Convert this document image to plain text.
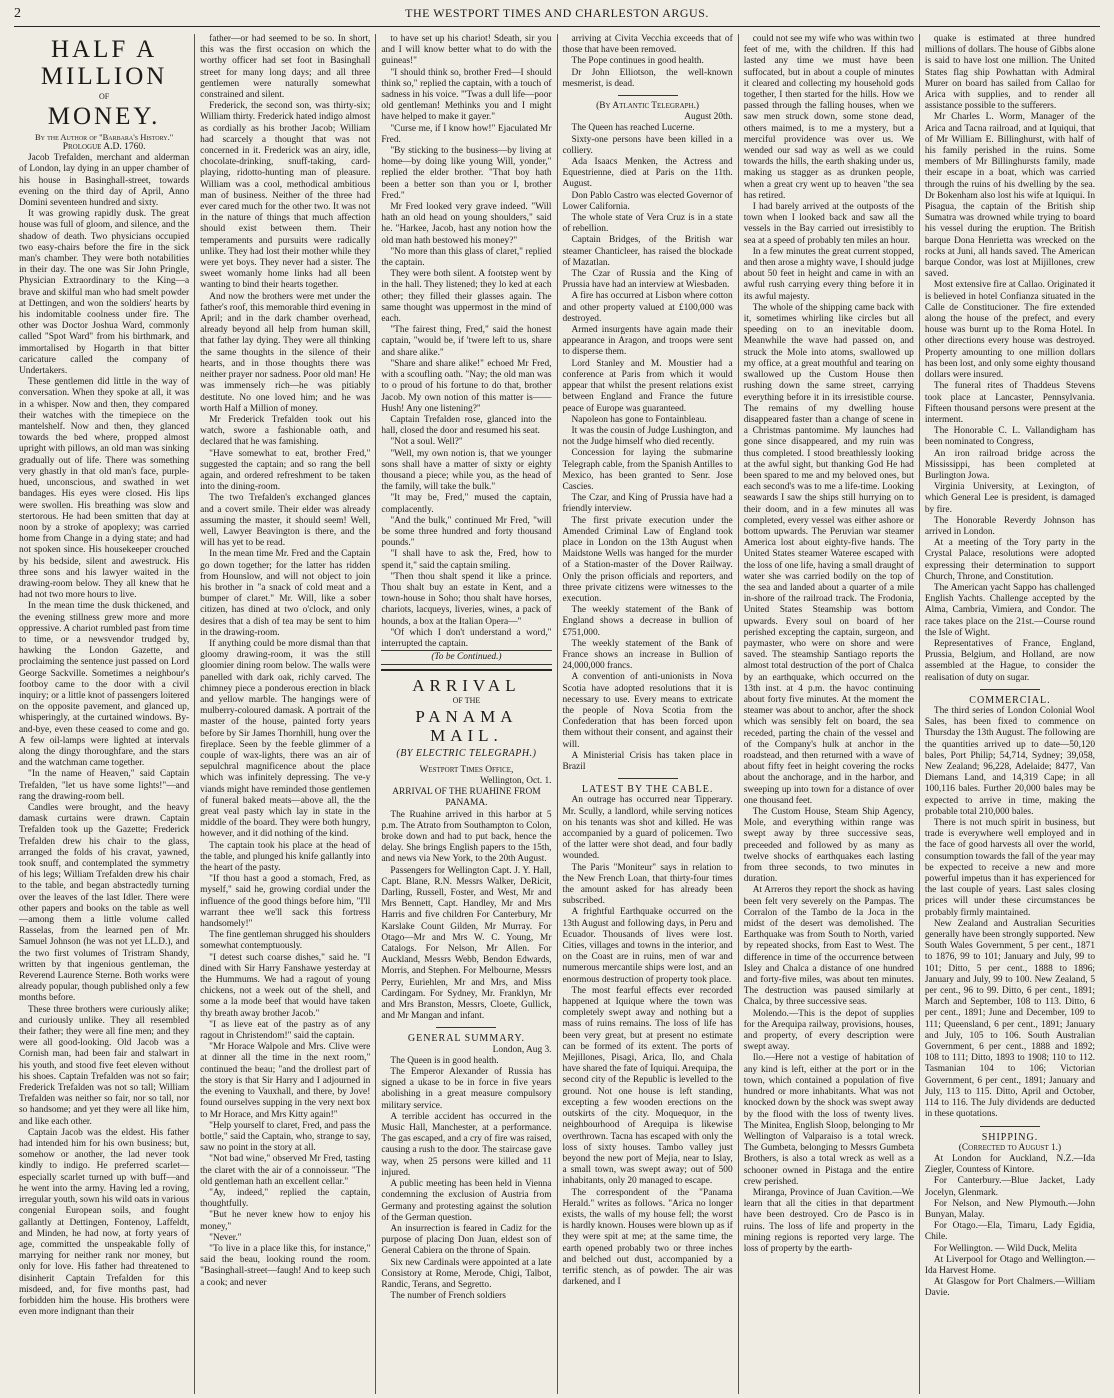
2	THE WESTPORT TIMES AND CHARLESTON ARGUS.
HALF A MILLION
OF
MONEY.
By the Author of "Barbara's History."

Prologue A.D. 1760.

Jacob Trefalden, merchant and alderman of London, lay dying in an upper chamber of his house in Basinghall-street, towards evening on the third day of April, Anno Domini seventeen hundred and sixty.

It was growing rapidly dusk. The great house was full of gloom, and silence, and the shadow of death. Two physicians occupied two easy-chairs before the fire in the sick man's chamber. They were both notabilities in their day. The one was Sir John Pringle, Physician Extraordinary to the King—a brave and skilful man who had smelt powder at Dettingen, and won the soldiers' hearts by his indomitable coolness under fire. The other was Doctor Joshua Ward, commonly called "Spot Ward" from his birthmark, and immortalised by Hogarth in that bitter caricature called the company of Undertakers.

These gentlemen did little in the way of conversation. When they spoke at all, it was in a whisper. Now and then, they compared their watches with the timepiece on the mantelshelf. Now and then, they glanced towards the bed where, propped almost upright with pillows, an old man was sinking gradually out of life. There was something very ghastly in that old man's face, purple-hued, unconscious, and swathed in wet bandages. His eyes were closed. His lips were swollen. His breathing was slow and stertorous. He had been smitten that day at noon by a stroke of apoplexy; was carried home from Change in a dying state; and had not spoken since. His housekeeper crouched by his bedside, silent and awestruck. His three sons and his lawyer waited in the drawing-room below. They all knew that he had not two more hours to live.

In the mean time the dusk thickened, and the evening stillness grew more and more oppressive. A chariot rumbled past from time to time, or a newsvendor trudged by, hawking the London Gazette, and proclaiming the sentence just passed on Lord George Sackville. Sometimes a neighbour's footboy came to the door with a civil inquiry; or a little knot of passengers loitered on the opposite pavement, and glanced up, whisperingly, at the curtained windows. By-and-bye, even these ceased to come and go. A few oil-lamps were lighted at intervals along the dingy thoroughfare, and the stars and the watchman came together.

"In the name of Heaven," said Captain Trefalden, "let us have some lights!"—and rang the drawing-room bell.

Candles were brought, and the heavy damask curtains were drawn. Captain Trefalden took up the Gazette; Frederick Trefalden drew his chair to the glass, arranged the folds of his cravat, yawned, took snuff, and contemplated the symmetry of his legs; William Trefalden drew his chair to the table, and began abstractedly turning over the leaves of the last Idler. There were other papers and books on the table as well—among them a little volume called Rasselas, from the learned pen of Mr. Samuel Johnson (he was not yet LL.D.), and the two first volumes of Tristram Shandy, written by that ingenious gentleman, the Reverend Laurence Sterne. Both works were already popular, though published only a few months before.

These three brothers were curiously alike; and curiously unlike. They all resembled their father; they were all fine men; and they were all good-looking. Old Jacob was a Cornish man, had been fair and stalwart in his youth, and stood five feet eleven without his shoes. Captain Trefalden was not so fair; Frederick Trefalden was not so tall; William Trefalden was neither so fair, nor so tall, nor so handsome; and yet they were all like him, and like each other.

Captain Jacob was the eldest. His father had intended him for his own business; but, somehow or another, the lad never took kindly to indigo. He preferred scarlet—especially scarlet turned up with buff—and he went into the army. Having led a roving, irregular youth, sown his wild oats in various congenial European soils, and fought gallantly at Dettingen, Fontenoy, Laffeldt, and Minden, he had now, at forty years of age, committed the unspeakable folly of marrying for neither rank nor money, but only for love. His father had threatened to disinherit Captain Trefalden for this misdeed, and, for five months past, had forbidden him the house. His brothers were even more indignant than their

father—or had seemed to be so. In short, this was the first occasion on which the worthy officer had set foot in Basinghall street for many long days; and all three gentlemen were naturally somewhat constrained and silent.

Frederick, the second son, was thirty-six; William thirty. Frederick hated indigo almost as cordially as his brother Jacob; William had scarcely a thought that was not concerned in it. Frederick was an airy, idle, chocolate-drinking, snuff-taking, card-playing, ridotto-hunting man of pleasure. William was a cool, methodical ambitious man of business. Neither of the three had ever cared much for the other two. It was not in the nature of things that much affection should exist between them. Their temperaments and pursuits were radically unlike. They had lost their mother while they were yet boys. They never had a sister. The sweet womanly home links had all been wanting to bind their hearts together.

And now the brothers were met under the father's roof, this memorable third evening in April; and in the dark chamber overhead, already beyond all help from human skill, that father lay dying. They were all thinking the same thoughts in the silence of their hearts, and in those thoughts there was neither prayer nor sadness. Poor old man! He was immensely rich—he was pitiably destitute. No one loved him; and he was worth Half a Million of money.

Mr Frederick Trefalden took out his watch, swore a fashionable oath, and declared that he was famishing.

"Have somewhat to eat, brother Fred," suggested the captain; and so rang the bell again, and ordered refreshment to be taken into the dining-room.

The two Trefalden's exchanged glances and a covert smile. Their elder was already assuming the master, it should seem! Well, well, Lawyer Beavington is there, and the will has yet to be read.

In the mean time Mr. Fred and the Captain go down together; for the latter has ridden from Hounslow, and will not object to join his brother in "a snack of cold meat and a bumper of claret." Mr. Will, like a sober citizen, has dined at two o'clock, and only desires that a dish of tea may be sent to him in the drawing-room.

If anything could be more dismal than that gloomy drawing-room, it was the still gloomier dining room below. The walls were panelled with dark oak, richly carved. The chimney piece a ponderous erection in black and yellow marble. The hangings were of mulberry-coloured damask. A portrait of the master of the house, painted forty years before by Sir James Thornhill, hung over the fireplace. Seen by the feeble glimmer of a couple of wax-lights, there was an air of sepulchral magnificence about the place which was infinitely depressing. The ve-y viands might have reminded those gentlemen of funeral baked meats—above all, the the great veal pasty which lay in state in the middle of the board. They were both hungry, however, and it did nothing of the kind.

The captain took his place at the head of the table, and plunged his knife gallantly into the heart of the pasty.

"If thou hast a good a stomach, Fred, as myself," said he, growing cordial under the influence of the good things before him, "I'll warrant thee we'll sack this fortress handsomely!"

The fine gentleman shrugged his shoulders somewhat contemptuously.

"I detest such coarse dishes," said he. "I dined with Sir Harry Fanshawe yesterday at the Hummums. We had a ragout of young chickens, not a week out of the shell, and some a la mode beef that would have taken thy breath away brother Jacob."

"I as lieve eat of the pastry as of any ragout in Christendom!" said the captain.

"Mr Horace Walpole and Mrs. Clive were at dinner all the time in the next room," continued the beau; "and the drollest part of the story is that Sir Harry and I adjourned in the evening to Vauxhall, and there, by Jove! found ourselves supping in the very next box to Mr Horace, and Mrs Kitty again!"

"Help yourself to claret, Fred, and pass the bottle," said the Captain, who, strange to say, saw no point in the story at all.

"Not bad wine," observed Mr Fred, tasting the claret with the air of a connoisseur. "The old gentleman hath an excellent cellar."

"Ay, indeed," replied the captain, thoughtfully.

"But he never knew how to enjoy his money,"

"Never."

"To live in a place like this, for instance," said the beau, looking round the room. "Basinghall-street—faugh! And to keep such a cook; and never

to have set up his chariot! Sdeath, sir you and I will know better what to do with the guineas!"

"I should think so, brother Fred—I should think so," replied the captain, with a touch of sadness in his voice. "'Twas a dull life—poor old gentleman! Methinks you and I might have helped to make it gayer."

"Curse me, if I know how!" Ejaculated Mr Fred.

"By sticking to the business—by living at home—by doing like young Will, yonder," replied the elder brother. "That boy hath been a better son than you or I, brother Fred."

Mr Fred looked very grave indeed. "Will hath an old head on young shoulders," said he. "Harkee, Jacob, hast any notion how the old man hath bestowed his money?"

"No more than this glass of claret," replied the captain.

They were both silent. A footstep went by in the hall. They listened; they lo ked at each other; they filled their glasses again. The same thought was uppermost in the mind of each.

"The fairest thing, Fred," said the honest captain, "would be, if 'twere left to us, share and share alike."

"Share and share alike!" echoed Mr Fred, with a scoufling oath. "Nay; the old man was to o proud of his fortune to do that, brother Jacob. My own notion of this matter is——Hush! Any one listening?"

Captain Trefalden rose, glanced into the hall, closed the door and resumed his seat.

"Not a soul. Well?"

"Well, my own notion is, that we younger sons shall have a matter of sixty or eighty thousand a piece; while you, as the head of the family, will take the bulk."

"It may be, Fred," mused the captain, complacently.

"And the bulk," continued Mr Fred, "will be some three hundred and forty thousand pounds."

"I shall have to ask the, Fred, how to spend it," said the captain smiling.

"Then thou shalt spend it like a prince. Thou shalt buy an estate in Kent, and a town-house in Soho; thou shalt have horses, chariots, lacqueys, liveries, wines, a pack of hounds, a box at the Italian Opera—"

"Of which I don't understand a word," interrupted the captain.

(To be Continued.)

ARRIVAL
OF THE
PANAMA MAIL.
(BY ELECTRIC TELEGRAPH.)

Westport Times Office,

Wellington, Oct. 1.

ARRIVAL OF THE RUAHINE FROM PANAMA.

The Ruahine arrived in this harbor at 5 p.m. The Atrato from Southampton to Colon, broke down and had to put back, hence the delay. She brings English papers to the 15th, and news via New York, to the 20th August.

Passengers for Wellington Capt. J. Y. Hall, Capt. Blane, R.N. Messrs Walker, DeRicit, Darling, Russell, Foster, and West, Mr and Mrs Bennett, Capt. Handley, Mr and Mrs Harris and five children For Canterbury, Mr Karslake Count Gilden, Mr Murray. For Otago—Mr and Mrs W. C. Young, Mr Catalogs. For Nelson, Mr Allen. For Auckland, Messrs Webb, Bendon Edwards, Morris, and Stephen. For Melbourne, Messrs Perry, Euriehlen, Mr and Mrs, and Miss Cardingam. For Sydney, Mr. Franklyn, Mr and Mrs Branston, Messrs, Cloete, Gullick, and Mr Mangan and infant.

GENERAL SUMMARY.

London, Aug 3.

The Queen is in good health.

The Emperor Alexander of Russia has signed a ukase to be in force in five years abolishing in a great measure compulsory military service.

A terrible accident has occurred in the Music Hall, Manchester, at a performance. The gas escaped, and a cry of fire was raised, causing a rush to the door. The staircase gave way, when 25 persons were killed and 11 injured.

A public meeting has been held in Vienna condemning the exclusion of Austria from Germany and protesting against the solution of the German question.

An insurrection is feared in Cadiz for the purpose of placing Don Juan, eldest son of General Cabiera on the throne of Spain.

Six new Cardinals were appointed at a late Consistory at Rome, Merode, Chigi, Talbot, Randic, Terans, and Segretto.

The number of French soldiers

arriving at Civita Vecchia exceeds that of those that have been removed.

The Pope continues in good health.

Dr John Elliotson, the well-known mesmerist, is dead.

(By Atlantic Telegraph.)

August 20th.

The Queen has reached Lucerne.

Sixty-one persons have been killed in a colliery.

Ada Isaacs Menken, the Actress and Equestrienne, died at Paris on the 11th. August.

Don Pablo Castro was elected Governor of Lower California.

The whole state of Vera Cruz is in a state of rebellion.

Captain Bridges, of the British war steamer Chanticleer, has raised the blockade of Mazatlan.

The Czar of Russia and the King of Prussia have had an interview at Wiesbaden.

A fire has occurred at Lisbon where cotton and other property valued at £100,000 was destroyed.

Armed insurgents have again made their appearance in Aragon, and troops were sent to disperse them.

Lord Stanley and M. Moustier had a conference at Paris from which it would appear that whilst the present relations exist between England and France the future peace of Europe was guaranteed.

Napoleon has gone to Fontainbleau.

It was the cousin of Judge Lushington, and not the Judge himself who died recently.

Concession for laying the submarine Telegraph cable, from the Spanish Antilles to Mexico, has been granted to Senr. Jose Cascies.

The Czar, and King of Prussia have had a friendly interview.

The first private execution under the Amended Criminal Law of England took place in London on the 13th August when Maidstone Wells was hanged for the murder of a Station-master of the Dover Railway. Only the prison officials and reporters, and three private citizens were witnesses to the execution.

The weekly statement of the Bank of England shows a decrease in bullion of £751,000.

The weekly statement of the Bank of France shows an increase in Bullion of 24,000,000 francs.

A convention of anti-unionists in Nova Scotia have adopted resolutions that it is necessary to use. Every means to extricate the people of Nova Scotia from the Confederation that has been forced upon them without their consent, and against their will.

A Ministerial Crisis has taken place in Brazil

LATEST BY THE CABLE.

An outrage has occurred near Tipperary. Mr. Scully, a landlord, while serving notices on his tenants was shot and killed. He was accompanied by a guard of policemen. Two of the latter were shot dead, and four badly wounded.

The Paris "Moniteur" says in relation to the New French Loan, that thirty-four times the amount asked for has already been subscribed.

A frightful Earthquake occurred on the 13th August and following days, in Peru and Ecuador. Thousands of lives were lost. Cities, villages and towns in the interior, and on the Coast are in ruins, men of war and numerous mercantile ships were lost, and an enormous destruction of property took place.

The most fearful effects ever recorded happened at Iquique where the town was completely swept away and nothing but a mass of ruins remains. The loss of life has been very great, but at present no estimate can be formed of its extent. The ports of Mejillones, Pisagi, Arica, Ilo, and Chala have shared the fate of Iquiqui. Arequipa, the second city of the Republic is levelled to the ground. Not one house is left standing, excepting a few wooden erections on the outskirts of the city. Moquequor, in the neighbourhood of Arequipa is likewise overthrown. Tacna has escaped with only the loss of sixty houses. Tambo valley just beyond the new port of Mejia, near to Islay, a small town, was swept away; out of 500 inhabitants, only 20 managed to escape.

The correspondent of the "Panama Herald." writes as follows. "Arica no longer exists, the walls of my house fell; the worst is hardly known. Houses were blown up as if they were spit at me; at the same time, the earth opened probably two or three inches and belched out dust, accompanied by a terrific stench, as of powder. The air was darkened, and I

could not see my wife who was within two feet of me, with the children. If this had lasted any time we must have been suffocated, but in about a couple of minutes it cleared and collecting my household gods together, I then started for the hills. How we passed through the falling houses, when we saw men struck down, some stone dead, others maimed, is to me a mystery, but a merciful providence was over us. We wended our sad way as well as we could towards the hills, the earth shaking under us, making us stagger as as drunken people, when a great cry went up to heaven "the sea has retired.

I had barely arrived at the outposts of the town when I looked back and saw all the vessels in the Bay carried out irresistibly to sea at a speed of probably ten miles an hour.

In a few minutes the great current stopped, and then arose a mighty wave, I should judge about 50 feet in height and came in with an awful rush carrying every thing before it in its awful majesty.

The whole of the shipping came back with it, sometimes whirling like circles but all speeding on to an inevitable doom. Meanwhile the wave had passed on, and struck the Mole into atoms, swallowed up my office, at a great mouthful and tearing on swallowed up the Custom House then rushing down the same street, carrying everything before it in its irresistible course. The remains of my dwelling house disappeared faster than a change of scene in a Christmas pantomime. My launches had gone since disappeared, and my ruin was thus completed. I stood breathlessly looking at the awful sight, but thanking God He had been spared to me and my beloved ones, but each second's was to me a life-time. Looking seawards I saw the ships still hurrying on to their doom, and in a few minutes all was completed, every vessel was either ashore or bottom upwards. The Peruvian war steamer America lost about eighty-five hands. The United States steamer Wateree escaped with the loss of one life, having a small draught of water she was carried bodily on the top of the sea and landed about a quarter of a mile in-shore of the railroad track. The Frodonia, United States Steamship was bottom upwards. Every soul on board of her perished excepting the captain, surgeon, and paymaster, who were on shore and were saved. The steamship Santiago reports the almost total destruction of the port of Chalca by an earthquake, which occurred on the 13th inst. at 4 p.m. the havoc continuing about forty five minutes. At the moment the steamer was about to anchor, after the shock which was sensibly felt on board, the sea receded, parting the chain of the vessel and of the Company's hulk at anchor in the roadstead, and then returned with a wave of about fifty feet in height covering the rocks about the anchorage, and in the harbor, and sweeping up into town for a distance of over one thousand feet.

The Custom House, Steam Ship Agency, Mole, and everything within range was swept away by three successive seas, preceeded and followed by as many as twelve shocks of earthquakes each lasting from three seconds, to two minutes in duration.

At Arreros they report the shock as having been felt very severely on the Pampas. The Corralon of the Tambo de la Joca in the midst of the desert was demolished. The Earthquake was from South to North, varied by repeated shocks, from East to West. The difference in time of the occurrence between Isley and Chalca a distance of one hundred and forty-five miles, was about ten minutes. The destruction was paused similarly at Chalca, by three successive seas.

Molendo.—This is the depot of supplies for the Arequipa railway, provisions, houses, and property, of every description were swept away.

Ilo.—Here not a vestige of habitation of any kind is left, either at the port or in the town, which contained a population of five hundred or more inhabitants. What was not knocked down by the shock was swept away by the flood with the loss of twenty lives. The Minitea, English Sloop, belonging to Mr Wellington of Valparaiso is a total wreck. The Gumbeta, belonging to Messrs Gumbeta Brothers, is also a total wreck as well as a schooner owned in Pistaga and the entire crew perished.

Miranga, Province of Juan Cavition.—We learn that all the cities in that department have been destroyed. Cro de Pasco is in ruins. The loss of life and property in the mining regions is reported very large. The loss of property by the earth-

quake is estimated at three hundred millions of dollars. The house of Gibbs alone is said to have lost one million. The United States flag ship Powhattan with Admiral Murer on board has sailed from Callao for Arica with supplies, and to render all assistance possible to the sufferers.

Mr Charles L. Worm, Manager of the Arica and Tacna railroad, and at Iquiqui, that of Mr William E. Billinghurst, with half of his family perished in the ruins. Some members of Mr Billinghursts family, made their escape in a boat, which was carried through the ruins of his dwelling by the sea. Dr Bokenham also lost his wife at Iquiqui. In Pisagua, the captain of the British ship Sumatra was drowned while trying to board his vessel during the eruption. The British barque Dona Henrietta was wrecked on the rocks at Juni, all hands saved. The American barque Condor, was lost at Mijillones, crew saved.

Most extensive fire at Callao. Originated it is believed in hotel Confianza situated in the Calle de Constitucioner. The fire extended along the house of the prefect, and every house was burnt up to the Roma Hotel. In other directions every house was destroyed. Property amounting to one million dollars has been lost, and only some eighty thousand dollars were insured.

The funeral rites of Thaddeus Stevens took place at Lancaster, Pennsylvania. Fifteen thousand persons were present at the interment.

The Honorable C. L. Vallandigham has been nominated to Congress,

An iron railroad bridge across the Mississippi, has been completed at Burlington Jowa.

Virginia University, at Lexington, of which General Lee is president, is damaged by fire.

The Honorable Reverdy Johnson has arrived in London.

At a meeting of the Tory party in the Crystal Palace, resolutions were adopted expressing their determination to support Church, Throne, and Constitution.

The American yacht Sappo has challenged English Yachts. Challenge accepted by the Alma, Cambria, Vimiera, and Condor. The race takes place on the 21st.—Course round the Isle of Wight.

Representatives of France, England, Prussia, Belgium, and Holland, are now assembled at the Hague, to consider the realisation of duty on sugar.

COMMERCIAL.

The third series of London Colonial Wool Sales, has been fixed to commence on Thursday the 13th August. The following are the quantities arrived up to date—50,120 bales, Port Philip; 54,714, Sydney; 39,058, New Zealand; 96,228, Adelaide; 8477, Van Diemans Land, and 14,319 Cape; in all 100,116 bales. Further 20,000 bales may be expected to arrive in time, making the probable total 210,000 bales.

There is not much spirit in business, but trade is everywhere well employed and in the face of good harvests all over the world, consumption towards the fall of the year may be expected to receive a new and more powerful impetus than it has experienced for the last couple of years. Last sales closing prices will under these circumstances be probably firmly maintained.

New Zealand and Australian Securities generally have been strongly supported. New South Wales Government, 5 per cent., 1871 to 1876, 99 to 101; January and July, 99 to 101; Ditto, 5 per cent., 1888 to 1896; January and July, 99 to 100. New Zealand, 5 per cent., 96 to 99. Ditto, 6 per cent., 1891; March and September, 108 to 113. Ditto, 6 per cent., 1891; June and December, 109 to 111; Queensland, 6 per cent., 1891; January and July, 105 to 106. South Australian Government, 6 per cent., 1888 and 1892; 108 to 111; Ditto, 1893 to 1908; 110 to 112. Tasmanian 104 to 106; Victorian Government, 6 per cent., 1891; January and July, 113 to 115. Ditto, April and October, 114 to 116. The July dividends are deducted in these quotations.

SHIPPING.

(Corrected to August 1.)

At London for Auckland, N.Z.—Ida Ziegler, Countess of Kintore.

For Canterbury.—Blue Jacket, Lady Jocelyn, Glenmark.

For Nelson, and New Plymouth.—John Bunyan, Malay.

For Otago.—Ela, Timaru, Lady Egidia, Chile.

For Wellington. — Wild Duck, Melita

At Liverpool for Otago and Wellington.—Ida Harvest Home.

At Glasgow for Port Chalmers.—William Davie.
